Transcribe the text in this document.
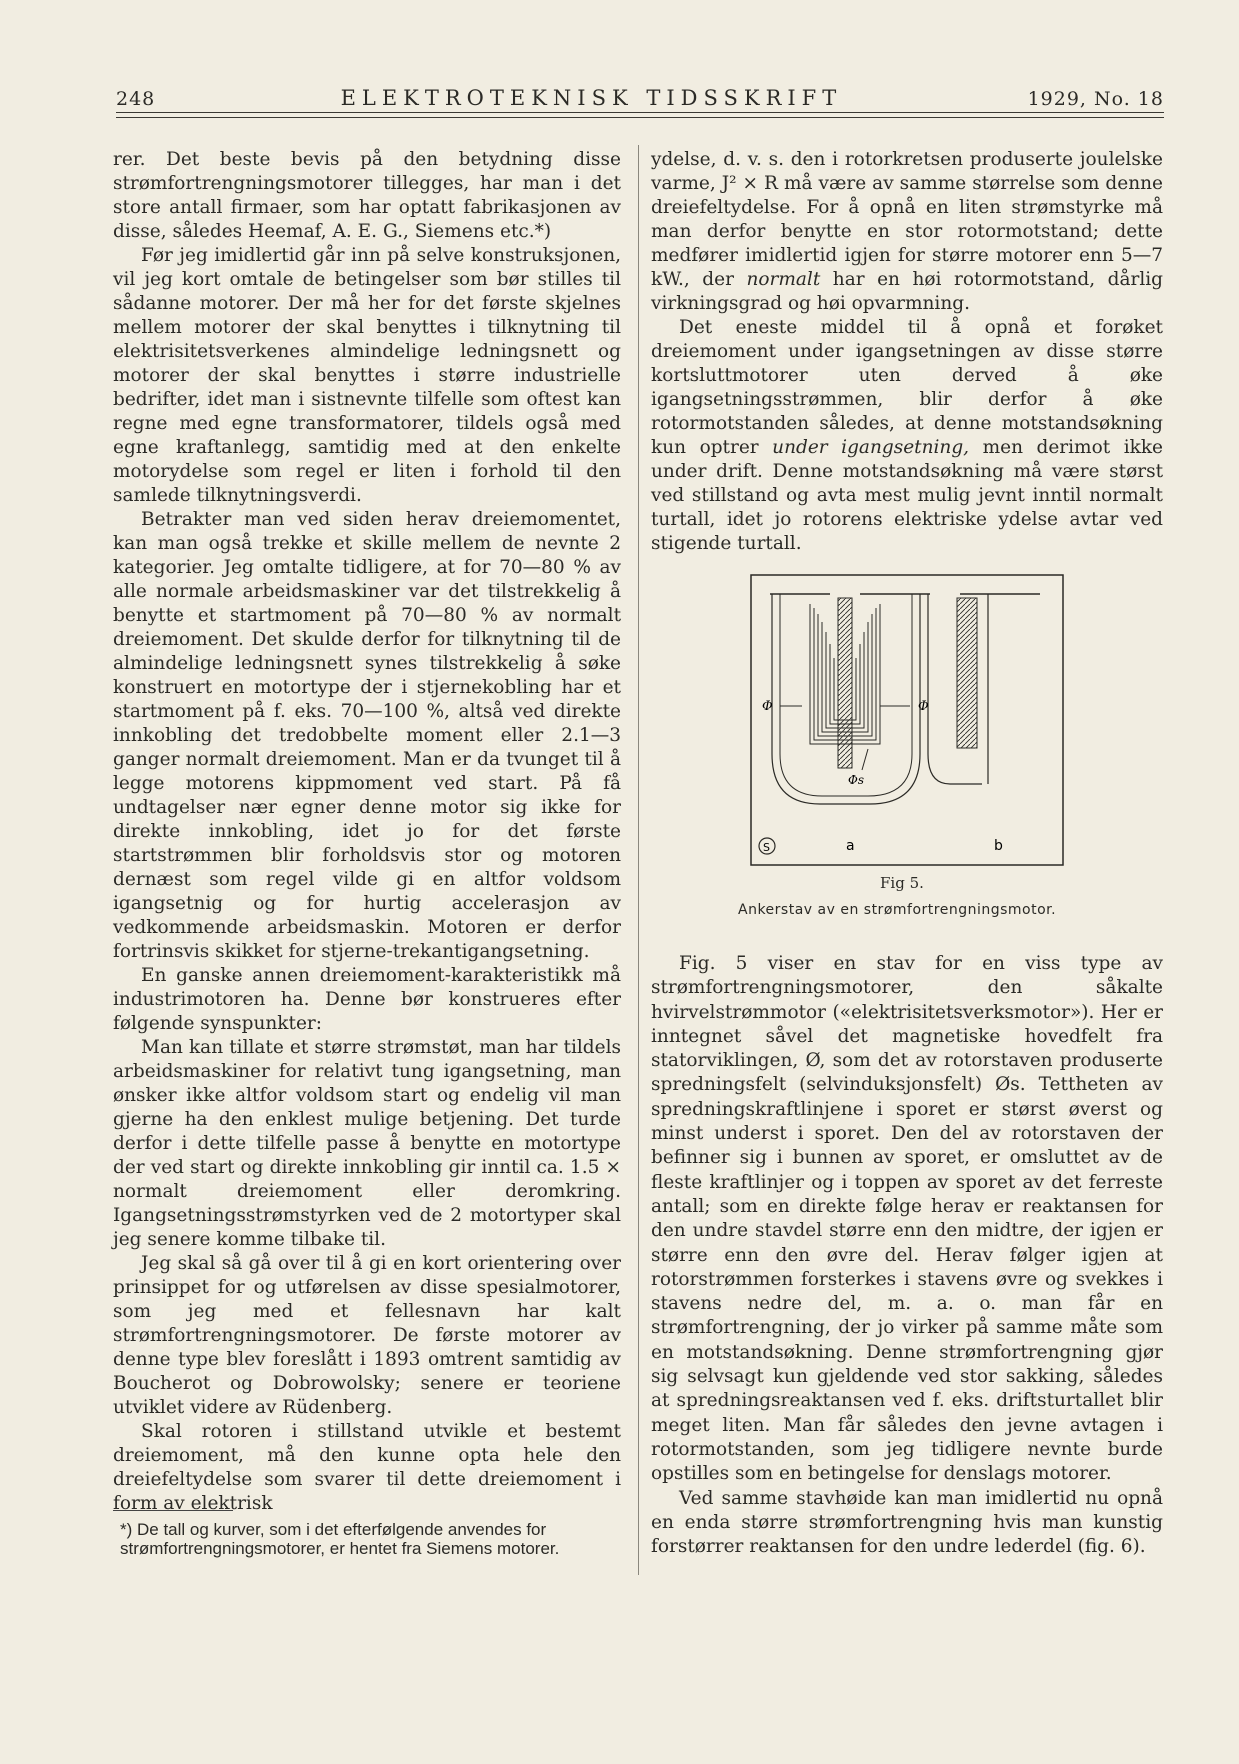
248	ELEKTROTEKNISK TIDSSKRIFT	1929, No. 18

rer. Det beste bevis på den betydning disse strømfortrengningsmotorer tillegges, har man i det store antall firmaer, som har optatt fabrikasjonen av disse, således Heemaf, A. E. G., Siemens etc.*)

Før jeg imidlertid går inn på selve konstruksjonen, vil jeg kort omtale de betingelser som bør stilles til sådanne motorer. Der må her for det første skjelnes mellem motorer der skal benyttes i tilknytning til elektrisitetsverkenes almindelige ledningsnett og motorer der skal benyttes i større industrielle bedrifter, idet man i sistnevnte tilfelle som oftest kan regne med egne transformatorer, tildels også med egne kraftanlegg, samtidig med at den enkelte motorydelse som regel er liten i forhold til den samlede tilknytningsverdi.

Betrakter man ved siden herav dreiemomentet, kan man også trekke et skille mellem de nevnte 2 kategorier. Jeg omtalte tidligere, at for 70—80 % av alle normale arbeidsmaskiner var det tilstrekkelig å benytte et startmoment på 70—80 % av normalt dreiemoment. Det skulde derfor for tilknytning til de almindelige ledningsnett synes tilstrekkelig å søke konstruert en motortype der i stjernekobling har et startmoment på f. eks. 70—100 %, altså ved direkte innkobling det tredobbelte moment eller 2.1—3 ganger normalt dreiemoment. Man er da tvunget til å legge motorens kippmoment ved start. På få undtagelser nær egner denne motor sig ikke for direkte innkobling, idet jo for det første startstrømmen blir forholdsvis stor og motoren dernæst som regel vilde gi en altfor voldsom igangsetnig og for hurtig accelerasjon av vedkommende arbeidsmaskin. Motoren er derfor fortrinsvis skikket for stjerne-trekantigangsetning.

En ganske annen dreiemoment-karakteristikk må industrimotoren ha. Denne bør konstrueres efter følgende synspunkter:

Man kan tillate et større strømstøt, man har tildels arbeidsmaskiner for relativt tung igangsetning, man ønsker ikke altfor voldsom start og endelig vil man gjerne ha den enklest mulige betjening. Det turde derfor i dette tilfelle passe å benytte en motortype der ved start og direkte innkobling gir inntil ca. 1.5 × normalt dreiemoment eller deromkring. Igangsetningsstrømstyrken ved de 2 motortyper skal jeg senere komme tilbake til.

Jeg skal så gå over til å gi en kort orientering over prinsippet for og utførelsen av disse spesialmotorer, som jeg med et fellesnavn har kalt strømfortrengningsmotorer. De første motorer av denne type blev foreslått i 1893 omtrent samtidig av Boucherot og Dobrowolsky; senere er teoriene utviklet videre av Rüdenberg.

Skal rotoren i stillstand utvikle et bestemt dreiemoment, må den kunne opta hele den dreiefeltydelse som svarer til dette dreiemoment i form av elektrisk

*) De tall og kurver, som i det efterfølgende anvendes for strømfortrengningsmotorer, er hentet fra Siemens motorer.

ydelse, d. v. s. den i rotorkretsen produserte joulelske varme, J² × R må være av samme størrelse som denne dreiefeltydelse. For å opnå en liten strømstyrke må man derfor benytte en stor rotormotstand; dette medfører imidlertid igjen for større motorer enn 5—7 kW., der normalt har en høi rotormotstand, dårlig virkningsgrad og høi opvarmning.

Det eneste middel til å opnå et forøket dreiemoment under igangsetningen av disse større kortsluttmotorer uten derved å øke igangsetningsstrømmen, blir derfor å øke rotormotstanden således, at denne motstandsøkning kun optrer under igangsetning, men derimot ikke under drift. Denne motstandsøkning må være størst ved stillstand og avta mest mulig jevnt inntil normalt turtall, idet jo rotorens elektriske ydelse avtar ved stigende turtall.

Φ	Φ
Φs
S	a	b
Fig 5.
Ankerstav av en strømfortrengningsmotor.

Fig. 5 viser en stav for en viss type av strømfortrengningsmotorer, den såkalte hvirvelstrømmotor («elektrisitetsverksmotor»). Her er inntegnet såvel det magnetiske hovedfelt fra statorviklingen, Ø, som det av rotorstaven produserte spredningsfelt (selvinduksjonsfelt) Øs. Tettheten av spredningskraftlinjene i sporet er størst øverst og minst underst i sporet. Den del av rotorstaven der befinner sig i bunnen av sporet, er omsluttet av de fleste kraftlinjer og i toppen av sporet av det ferreste antall; som en direkte følge herav er reaktansen for den undre stavdel større enn den midtre, der igjen er større enn den øvre del. Herav følger igjen at rotorstrømmen forsterkes i stavens øvre og svekkes i stavens nedre del, m. a. o. man får en strømfortrengning, der jo virker på samme måte som en motstandsøkning. Denne strømfortrengning gjør sig selvsagt kun gjeldende ved stor sakking, således at spredningsreaktansen ved f. eks. driftsturtallet blir meget liten. Man får således den jevne avtagen i rotormotstanden, som jeg tidligere nevnte burde opstilles som en betingelse for denslags motorer.

Ved samme stavhøide kan man imidlertid nu opnå en enda større strømfortrengning hvis man kunstig forstørrer reaktansen for den undre lederdel (fig. 6).
